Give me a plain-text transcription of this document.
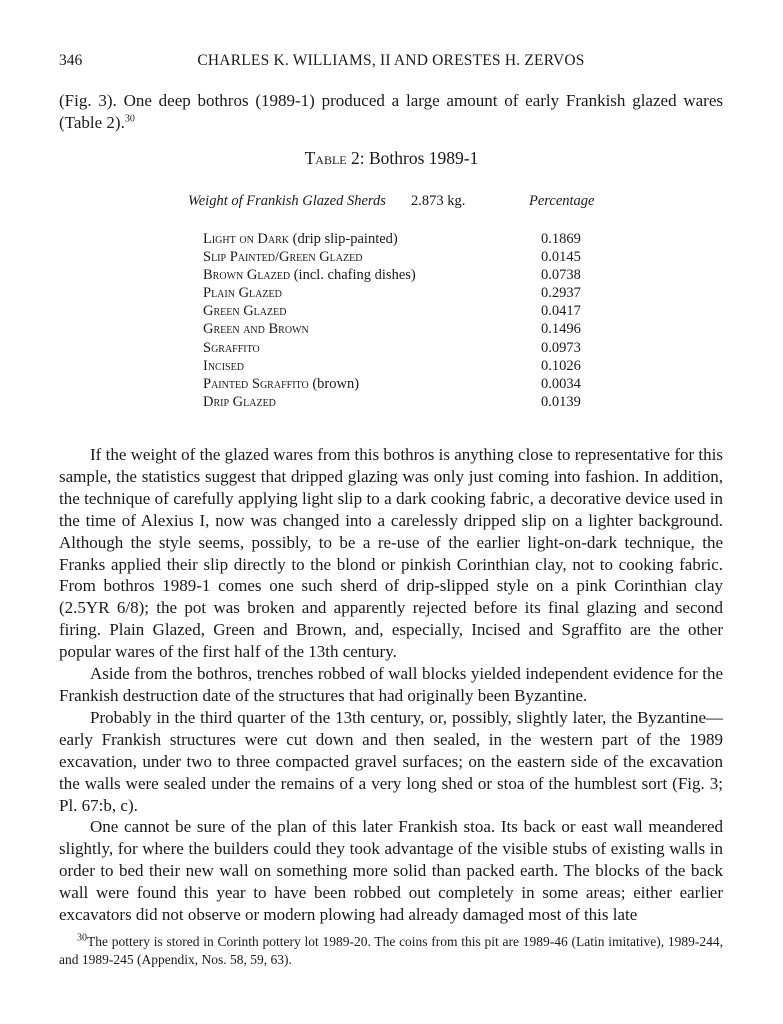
346	CHARLES K. WILLIAMS, II AND ORESTES H. ZERVOS

(Fig. 3). One deep bothros (1989-1) produced a large amount of early Frankish glazed wares (Table 2).$^{30}$

Table 2: Bothros 1989-1
Weight of Frankish Glazed Sherds 2.873 kg.	Percentage
Light on Dark (drip slip-painted)	0.1869
Slip Painted/Green Glazed	0.0145
Brown Glazed (incl. chafing dishes)	0.0738
Plain Glazed	0.2937
Green Glazed	0.0417
Green and Brown	0.1496
Sgraffito	0.0973
Incised	0.1026
Painted Sgraffito (brown)	0.0034
Drip Glazed	0.0139

If the weight of the glazed wares from this bothros is anything close to representative for this sample, the statistics suggest that dripped glazing was only just coming into fashion. In addition, the technique of carefully applying light slip to a dark cooking fabric, a decorative device used in the time of Alexius I, now was changed into a carelessly dripped slip on a lighter background. Although the style seems, possibly, to be a re-use of the earlier light-on-dark technique, the Franks applied their slip directly to the blond or pinkish Corinthian clay, not to cooking fabric. From bothros 1989-1 comes one such sherd of drip-slipped style on a pink Corinthian clay (2.5YR 6/8); the pot was broken and apparently rejected before its final glazing and second firing. Plain Glazed, Green and Brown, and, especially, Incised and Sgraffito are the other popular wares of the first half of the 13th century.

Aside from the bothros, trenches robbed of wall blocks yielded independent evidence for the Frankish destruction date of the structures that had originally been Byzantine.

Probably in the third quarter of the 13th century, or, possibly, slightly later, the Byzantine—early Frankish structures were cut down and then sealed, in the western part of the 1989 excavation, under two to three compacted gravel surfaces; on the eastern side of the excavation the walls were sealed under the remains of a very long shed or stoa of the humblest sort (Fig. 3; Pl. 67:b, c).

One cannot be sure of the plan of this later Frankish stoa. Its back or east wall meandered slightly, for where the builders could they took advantage of the visible stubs of existing walls in order to bed their new wall on something more solid than packed earth. The blocks of the back wall were found this year to have been robbed out completely in some areas; either earlier excavators did not observe or modern plowing had already damaged most of this late

$^{30}$The pottery is stored in Corinth pottery lot 1989-20. The coins from this pit are 1989-46 (Latin imitative), 1989-244, and 1989-245 (Appendix, Nos. 58, 59, 63).
